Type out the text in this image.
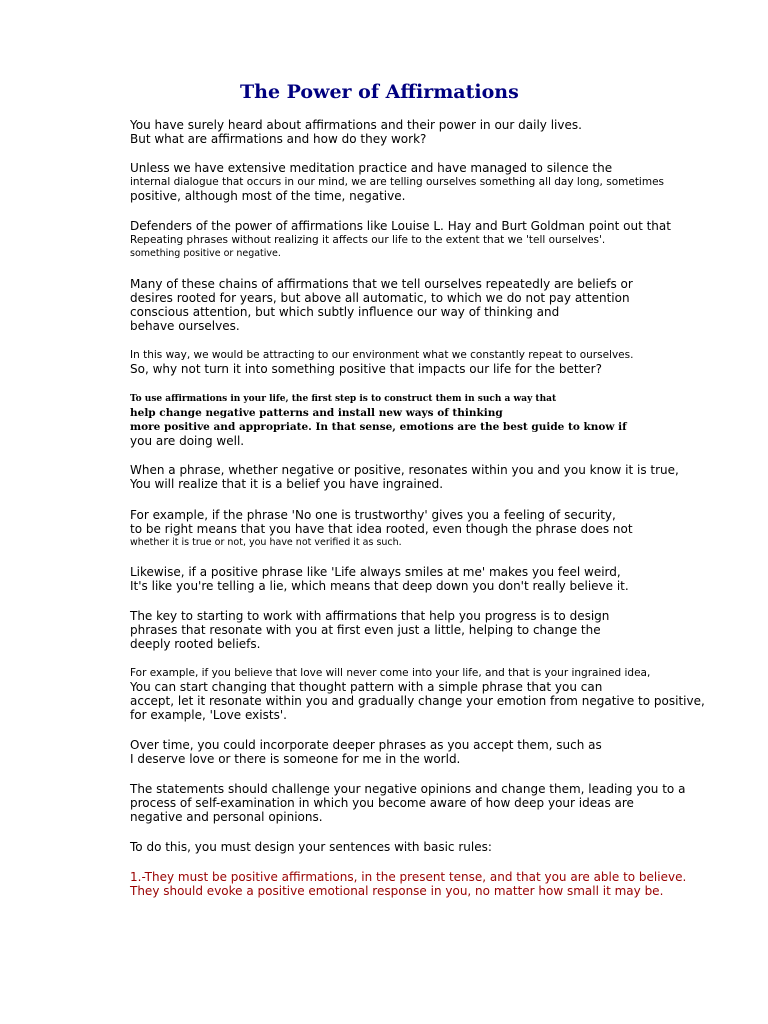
The Power of Affirmations
You have surely heard about affirmations and their power in our daily lives.
But what are affirmations and how do they work?
Unless we have extensive meditation practice and have managed to silence the
internal dialogue that occurs in our mind, we are telling ourselves something all day long, sometimes
positive, although most of the time, negative.
Defenders of the power of affirmations like Louise L. Hay and Burt Goldman point out that
Repeating phrases without realizing it affects our life to the extent that we 'tell ourselves'.
something positive or negative.
Many of these chains of affirmations that we tell ourselves repeatedly are beliefs or
desires rooted for years, but above all automatic, to which we do not pay attention
conscious attention, but which subtly influence our way of thinking and
behave ourselves.
In this way, we would be attracting to our environment what we constantly repeat to ourselves.
So, why not turn it into something positive that impacts our life for the better?
To use affirmations in your life, the first step is to construct them in such a way that
help change negative patterns and install new ways of thinking
more positive and appropriate. In that sense, emotions are the best guide to know if
you are doing well.
When a phrase, whether negative or positive, resonates within you and you know it is true,
You will realize that it is a belief you have ingrained.
For example, if the phrase 'No one is trustworthy' gives you a feeling of security,
to be right means that you have that idea rooted, even though the phrase does not
whether it is true or not, you have not verified it as such.
Likewise, if a positive phrase like 'Life always smiles at me' makes you feel weird,
It's like you're telling a lie, which means that deep down you don't really believe it.
The key to starting to work with affirmations that help you progress is to design
phrases that resonate with you at first even just a little, helping to change the
deeply rooted beliefs.
For example, if you believe that love will never come into your life, and that is your ingrained idea,
You can start changing that thought pattern with a simple phrase that you can
accept, let it resonate within you and gradually change your emotion from negative to positive,
for example, 'Love exists'.
Over time, you could incorporate deeper phrases as you accept them, such as
I deserve love or there is someone for me in the world.
The statements should challenge your negative opinions and change them, leading you to a
process of self-examination in which you become aware of how deep your ideas are
negative and personal opinions.
To do this, you must design your sentences with basic rules:
1.-They must be positive affirmations, in the present tense, and that you are able to believe.
They should evoke a positive emotional response in you, no matter how small it may be.
